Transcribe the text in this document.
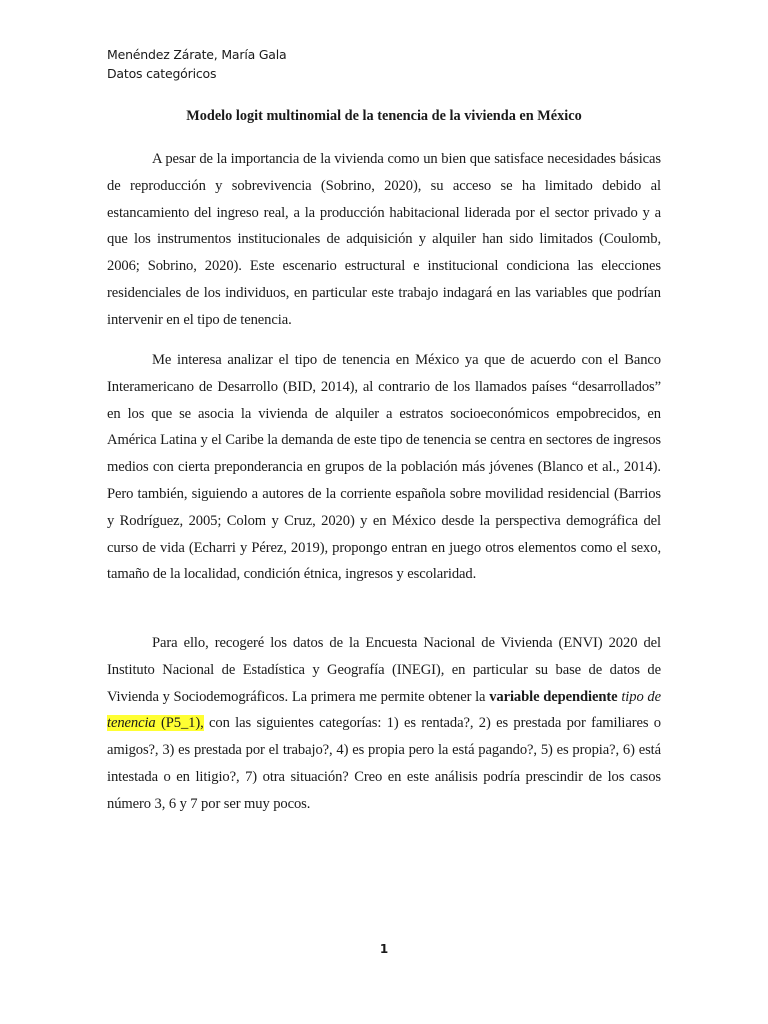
Menéndez Zárate, María Gala
Datos categóricos
Modelo logit multinomial de la tenencia de la vivienda en México

A pesar de la importancia de la vivienda como un bien que satisface necesidades básicas de reproducción y sobrevivencia (Sobrino, 2020), su acceso se ha limitado debido al estancamiento del ingreso real, a la producción habitacional liderada por el sector privado y a que los instrumentos institucionales de adquisición y alquiler han sido limitados (Coulomb, 2006; Sobrino, 2020). Este escenario estructural e institucional condiciona las elecciones residenciales de los individuos, en particular este trabajo indagará en las variables que podrían intervenir en el tipo de tenencia.

Me interesa analizar el tipo de tenencia en México ya que de acuerdo con el Banco Interamericano de Desarrollo (BID, 2014), al contrario de los llamados países “desarrollados” en los que se asocia la vivienda de alquiler a estratos socioeconómicos empobrecidos, en América Latina y el Caribe la demanda de este tipo de tenencia se centra en sectores de ingresos medios con cierta preponderancia en grupos de la población más jóvenes (Blanco et al., 2014). Pero también, siguiendo a autores de la corriente española sobre movilidad residencial (Barrios y Rodríguez, 2005; Colom y Cruz, 2020) y en México desde la perspectiva demográfica del curso de vida (Echarri y Pérez, 2019), propongo entran en juego otros elementos como el sexo, tamaño de la localidad, condición étnica, ingresos y escolaridad.

Para ello, recogeré los datos de la Encuesta Nacional de Vivienda (ENVI) 2020 del Instituto Nacional de Estadística y Geografía (INEGI), en particular su base de datos de Vivienda y Sociodemográficos. La primera me permite obtener la variable dependiente tipo de tenencia (P5_1), con las siguientes categorías: 1) es rentada?, 2) es prestada por familiares o amigos?, 3) es prestada por el trabajo?, 4) es propia pero la está pagando?, 5) es propia?, 6) está intestada o en litigio?, 7) otra situación? Creo en este análisis podría prescindir de los casos número 3, 6 y 7 por ser muy pocos.

1
